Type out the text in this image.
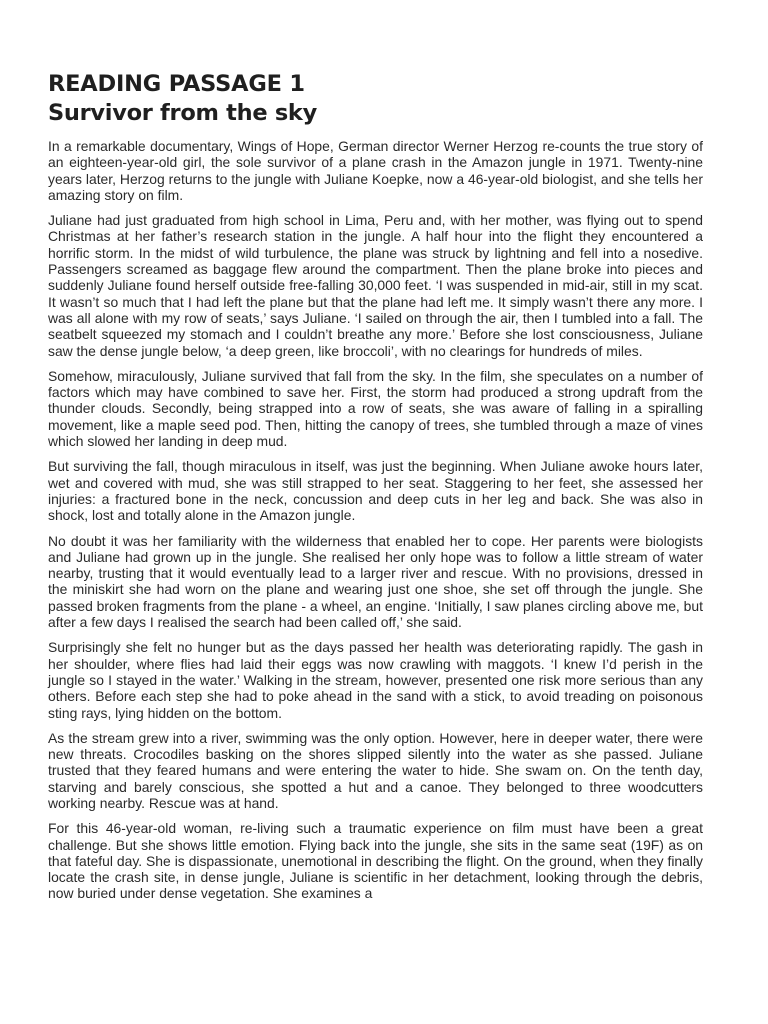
READING PASSAGE 1
Survivor from the sky

In a remarkable documentary, Wings of Hope, German director Werner Herzog re-counts the true story of an eighteen-year-old girl, the sole survivor of a plane crash in the Amazon jungle in 1971. Twenty-nine years later, Herzog returns to the jungle with Juliane Koepke, now a 46-year-old biologist, and she tells her amazing story on film.

Juliane had just graduated from high school in Lima, Peru and, with her mother, was flying out to spend Christmas at her father’s research station in the jungle. A half hour into the flight they encountered a horrific storm. In the midst of wild turbulence, the plane was struck by lightning and fell into a nosedive. Passengers screamed as baggage flew around the compartment. Then the plane broke into pieces and suddenly Juliane found herself outside free-falling 30,000 feet. ‘I was suspended in mid-air, still in my scat. It wasn’t so much that I had left the plane but that the plane had left me. It simply wasn’t there any more. I was all alone with my row of seats,’ says Juliane. ‘I sailed on through the air, then I tumbled into a fall. The seatbelt squeezed my stomach and I couldn’t breathe any more.’ Before she lost consciousness, Juliane saw the dense jungle below, ‘a deep green, like broccoli’, with no clearings for hundreds of miles.

Somehow, miraculously, Juliane survived that fall from the sky. In the film, she speculates on a number of factors which may have combined to save her. First, the storm had produced a strong updraft from the thunder clouds. Secondly, being strapped into a row of seats, she was aware of falling in a spiralling movement, like a maple seed pod. Then, hitting the canopy of trees, she tumbled through a maze of vines which slowed her landing in deep mud.

But surviving the fall, though miraculous in itself, was just the beginning. When Juliane awoke hours later, wet and covered with mud, she was still strapped to her seat. Staggering to her feet, she assessed her injuries: a fractured bone in the neck, concussion and deep cuts in her leg and back. She was also in shock, lost and totally alone in the Amazon jungle.

No doubt it was her familiarity with the wilderness that enabled her to cope. Her parents were biologists and Juliane had grown up in the jungle. She realised her only hope was to follow a little stream of water nearby, trusting that it would eventually lead to a larger river and rescue. With no provisions, dressed in the miniskirt she had worn on the plane and wearing just one shoe, she set off through the jungle. She passed broken fragments from the plane - a wheel, an engine. ‘Initially, I saw planes circling above me, but after a few days I realised the search had been called off,’ she said.

Surprisingly she felt no hunger but as the days passed her health was deteriorating rapidly. The gash in her shoulder, where flies had laid their eggs was now crawling with maggots. ‘I knew I’d perish in the jungle so I stayed in the water.’ Walking in the stream, however, presented one risk more serious than any others. Before each step she had to poke ahead in the sand with a stick, to avoid treading on poisonous sting rays, lying hidden on the bottom.

As the stream grew into a river, swimming was the only option. However, here in deeper water, there were new threats. Crocodiles basking on the shores slipped silently into the water as she passed. Juliane trusted that they feared humans and were entering the water to hide. She swam on. On the tenth day, starving and barely conscious, she spotted a hut and a canoe. They belonged to three woodcutters working nearby. Rescue was at hand.

For this 46-year-old woman, re-living such a traumatic experience on film must have been a great challenge. But she shows little emotion. Flying back into the jungle, she sits in the same seat (19F) as on that fateful day. She is dispassionate, unemotional in describing the flight. On the ground, when they finally locate the crash site, in dense jungle, Juliane is scientific in her detachment, looking through the debris, now buried under dense vegetation. She examines a
